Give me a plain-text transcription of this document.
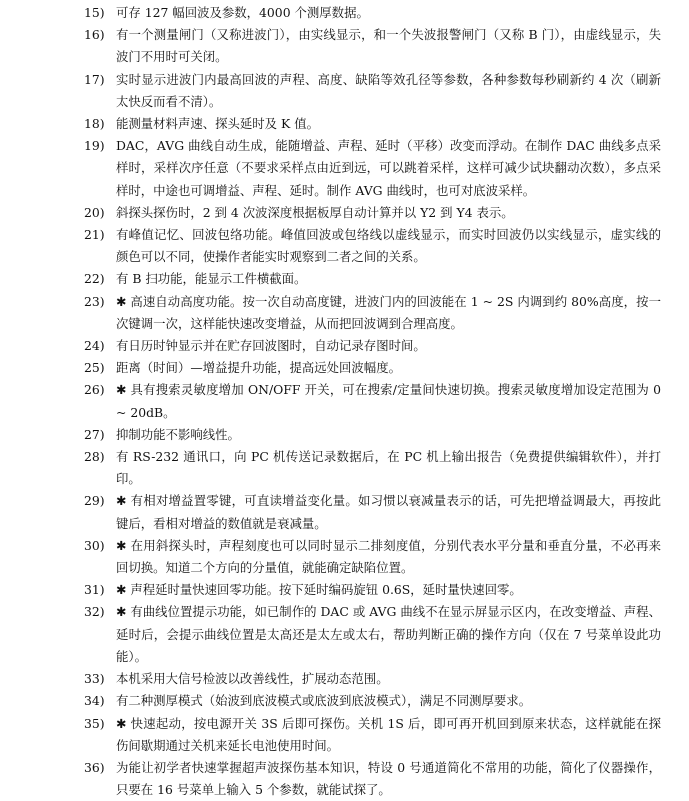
15) 可存 127 幅回波及参数，4000 个测厚数据。
16) 有一个测量闸门（又称进波门），由实线显示，和一个失波报警闸门（又称 B 门），由虚线显示，失波门不用时可关闭。
17) 实时显示进波门内最高回波的声程、高度、缺陷等效孔径等参数，各种参数每秒刷新约 4 次（刷新太快反而看不清）。
18) 能测量材料声速、探头延时及 K 值。
19) DAC，AVG 曲线自动生成，能随增益、声程、延时（平移）改变而浮动。在制作 DAC 曲线多点采样时，采样次序任意（不要求采样点由近到远，可以跳着采样，这样可减少试块翻动次数），多点采样时，中途也可调增益、声程、延时。制作 AVG 曲线时，也可对底波采样。
20) 斜探头探伤时，2 到 4 次波深度根据板厚自动计算并以 Y2 到 Y4 表示。
21) 有峰值记忆、回波包络功能。峰值回波或包络线以虚线显示，而实时回波仍以实线显示，虚实线的颜色可以不同，使操作者能实时观察到二者之间的关系。
22) 有 B 扫功能，能显示工件横截面。
23) ✱ 高速自动高度功能。按一次自动高度键，进波门内的回波能在 1 ~ 2S 内调到约 80%高度，按一次键调一次，这样能快速改变增益，从而把回波调到合理高度。
24) 有日历时钟显示并在贮存回波图时，自动记录存图时间。
25) 距离（时间）—增益提升功能，提高远处回波幅度。
26) ✱ 具有搜索灵敏度增加 ON/OFF 开关，可在搜索/定量间快速切换。搜索灵敏度增加设定范围为 0 ~ 20dB。
27) 抑制功能不影响线性。
28) 有 RS-232 通讯口，向 PC 机传送记录数据后，在 PC 机上输出报告（免费提供编辑软件），并打印。
29) ✱ 有相对增益置零键，可直读增益变化量。如习惯以衰减量表示的话，可先把增益调最大，再按此键后，看相对增益的数值就是衰减量。
30) ✱ 在用斜探头时，声程刻度也可以同时显示二排刻度值，分别代表水平分量和垂直分量，不必再来回切换。知道二个方向的分量值，就能确定缺陷位置。
31) ✱ 声程延时量快速回零功能。按下延时编码旋钮 0.6S，延时量快速回零。
32) ✱ 有曲线位置提示功能，如已制作的 DAC 或 AVG 曲线不在显示屏显示区内，在改变增益、声程、延时后，会提示曲线位置是太高还是太左或太右，帮助判断正确的操作方向（仅在 7 号菜单设此功能）。
33) 本机采用大信号检波以改善线性，扩展动态范围。
34) 有二种测厚模式（始波到底波模式或底波到底波模式），满足不同测厚要求。
35) ✱ 快速起动，按电源开关 3S 后即可探伤。关机 1S 后，即可再开机回到原来状态，这样就能在探伤间歇期通过关机来延长电池使用时间。
36) 为能让初学者快速掌握超声波探伤基本知识，特设 0 号通道简化不常用的功能，简化了仪器操作，只要在 16 号菜单上输入 5 个参数，就能试探了。
